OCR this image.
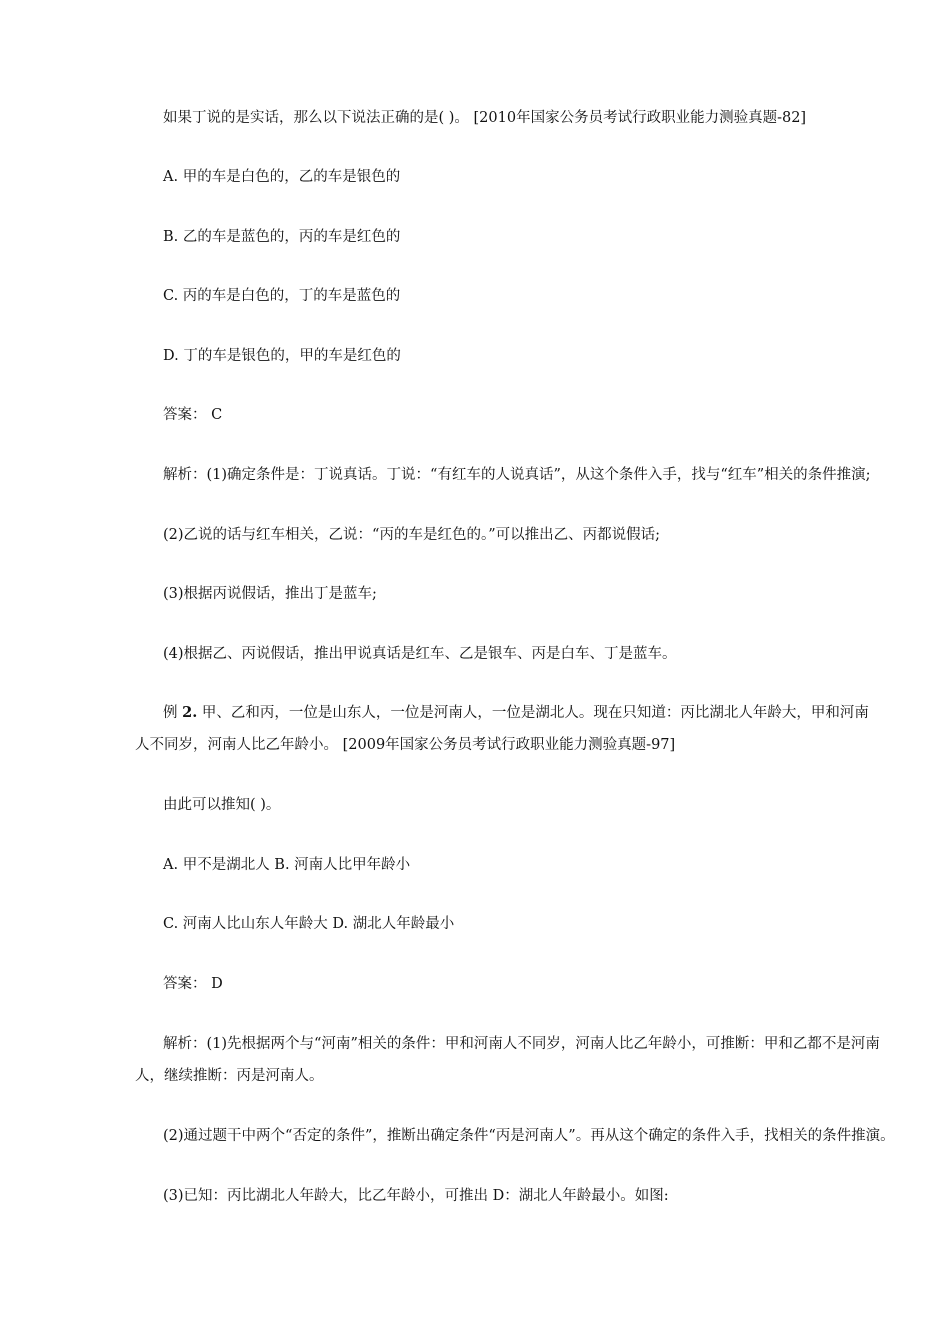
如果丁说的是实话，那么以下说法正确的是( )。 [2010年国家公务员考试行政职业能力测验真题-82]

A. 甲的车是白色的，乙的车是银色的

B. 乙的车是蓝色的，丙的车是红色的

C. 丙的车是白色的，丁的车是蓝色的

D. 丁的车是银色的，甲的车是红色的

答案： C

解析：(1)确定条件是：丁说真话。丁说：“有红车的人说真话”，从这个条件入手，找与“红车”相关的条件推演;

(2)乙说的话与红车相关，乙说：“丙的车是红色的。”可以推出乙、丙都说假话;

(3)根据丙说假话，推出丁是蓝车;

(4)根据乙、丙说假话，推出甲说真话是红车、乙是银车、丙是白车、丁是蓝车。

例 2. 甲、乙和丙，一位是山东人，一位是河南人，一位是湖北人。现在只知道：丙比湖北人年龄大，甲和河南

人不同岁，河南人比乙年龄小。 [2009年国家公务员考试行政职业能力测验真题-97]

由此可以推知( )。

A. 甲不是湖北人 B. 河南人比甲年龄小

C. 河南人比山东人年龄大 D. 湖北人年龄最小

答案： D

解析：(1)先根据两个与“河南”相关的条件：甲和河南人不同岁，河南人比乙年龄小，可推断：甲和乙都不是河南

人，继续推断：丙是河南人。

(2)通过题干中两个“否定的条件”，推断出确定条件“丙是河南人”。再从这个确定的条件入手，找相关的条件推演。

(3)已知：丙比湖北人年龄大，比乙年龄小，可推出 D：湖北人年龄最小。如图:
